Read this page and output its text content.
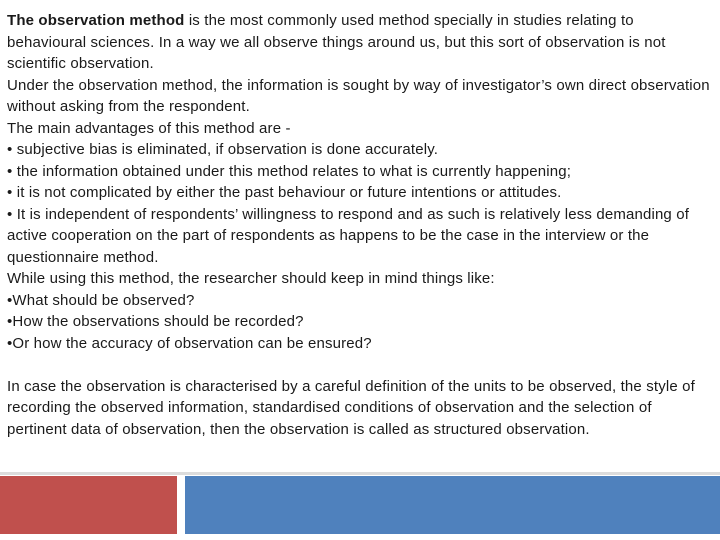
The observation method is the most commonly used method specially in studies relating to behavioural sciences. In a way we all observe things around us, but this sort of observation is not scientific observation.

Under the observation method, the information is sought by way of investigator’s own direct observation without asking from the respondent.

The main advantages of this method are -

• subjective bias is eliminated, if observation is done accurately.

• the information obtained under this method relates to what is currently happening;

• it is not complicated by either the past behaviour or future intentions or attitudes.

• It is independent of respondents’ willingness to respond and as such is relatively less demanding of active cooperation on the part of respondents as happens to be the case in the interview or the questionnaire method.

While using this method, the researcher should keep in mind things like:

•What should be observed?

•How the observations should be recorded?

•Or how the accuracy of observation can be ensured?

In case the observation is characterised by a careful definition of the units to be observed, the style of recording the observed information, standardised conditions of observation and the selection of pertinent data of observation, then the observation is called as structured observation.
